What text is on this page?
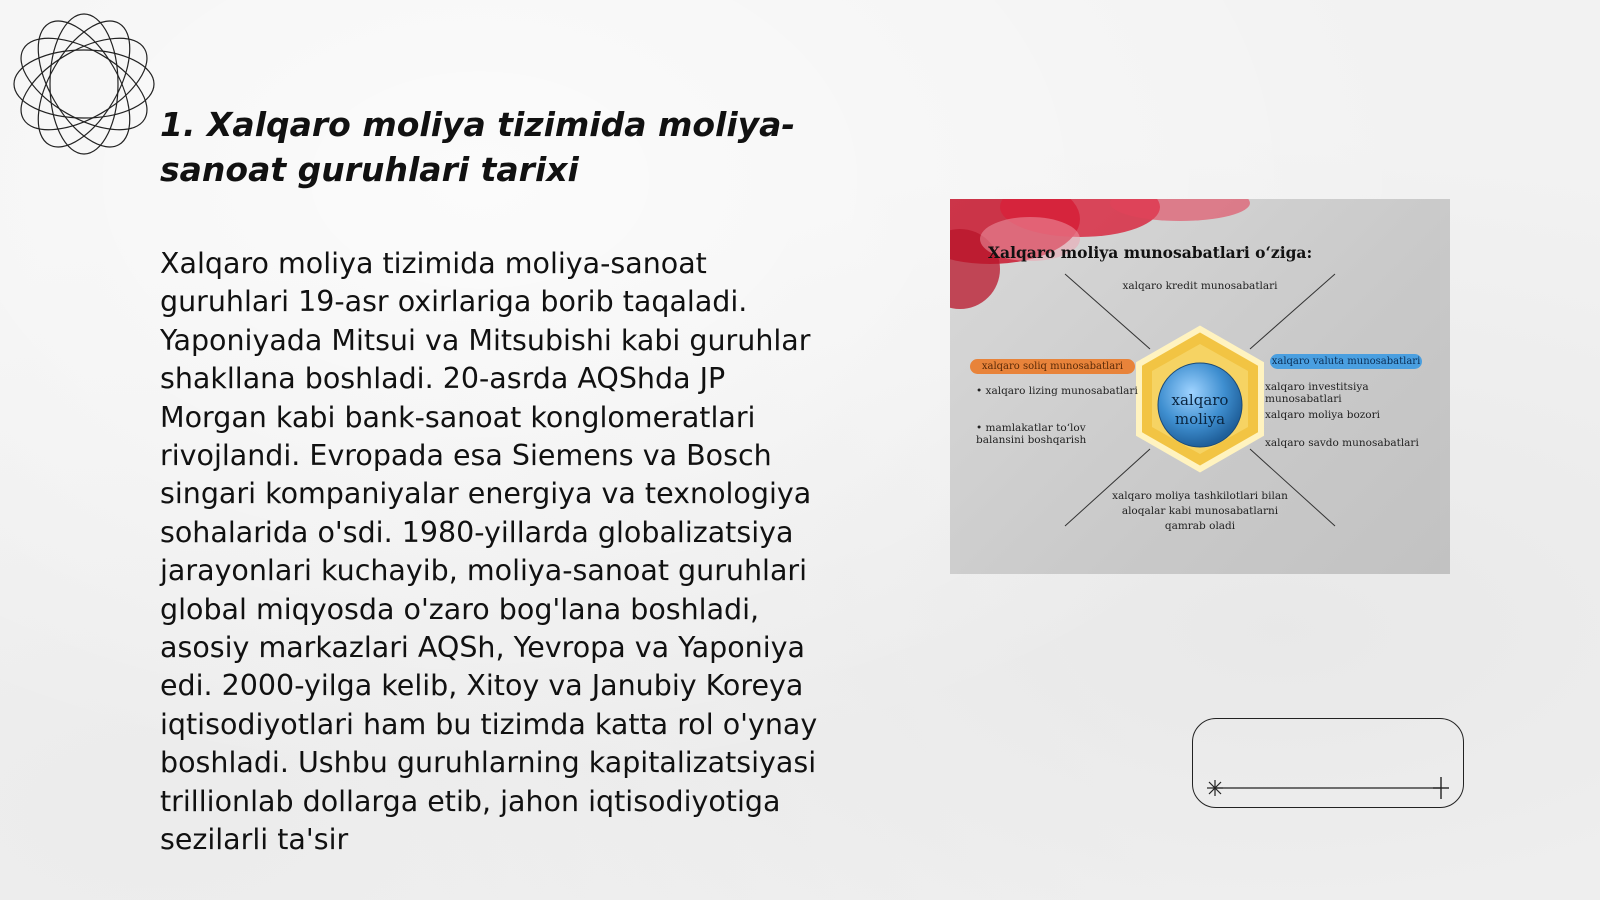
1. Xalqaro moliya tizimida moliya-sanoat guruhlari tarixi

Xalqaro moliya tizimida moliya-sanoat guruhlari 19-asr oxirlariga borib taqaladi. Yaponiyada Mitsui va Mitsubishi kabi guruhlar shakllana boshladi. 20-asrda AQShda JP Morgan kabi bank-sanoat konglomeratlari rivojlandi. Evropada esa Siemens va Bosch singari kompaniyalar energiya va texnologiya sohalarida o'sdi. 1980-yillarda globalizatsiya jarayonlari kuchayib, moliya-sanoat guruhlari global miqyosda o'zaro bog'lana boshladi, asosiy markazlari AQSh, Yevropa va Yaponiya edi. 2000-yilga kelib, Xitoy va Janubiy Koreya iqtisodiyotlari ham bu tizimda katta rol o'ynay boshladi. Ushbu guruhlarning kapitalizatsiyasi trillionlab dollarga etib, jahon iqtisodiyotiga sezilarli ta'sir

Xalqaro moliya munosabatlari o‘ziga:
xalqaro kredit munosabatlari
xalqaro soliq munosabatlari
• xalqaro lizing munosabatlari
• mamlakatlar to‘lov balansini boshqarish
xalqaro valuta munosabatlari
xalqaro investitsiya munosabatlari
xalqaro moliya bozori
xalqaro savdo munosabatlari
xalqaro moliya tashkilotlari bilan aloqalar kabi munosabatlarni qamrab oladi
xalqaro moliya
